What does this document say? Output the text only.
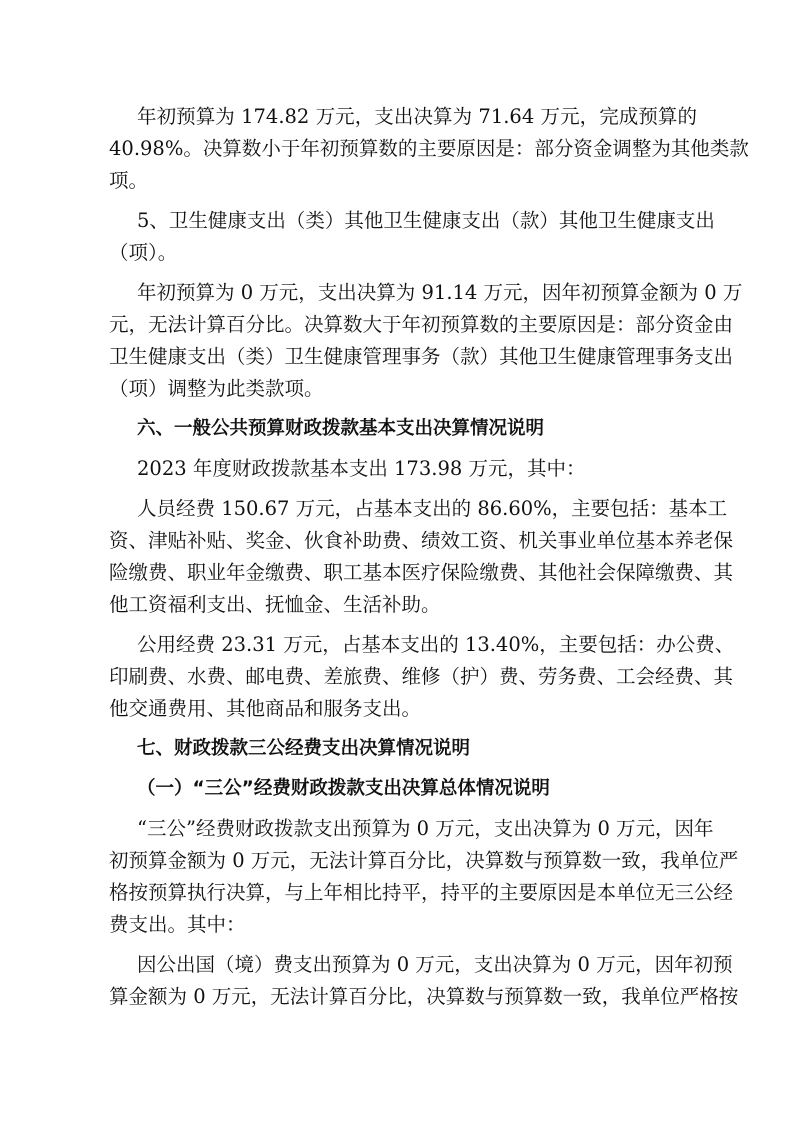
年初预算为 174.82 万元，支出决算为 71.64 万元，完成预算的
40.98%。决算数小于年初预算数的主要原因是：部分资金调整为其他类款
项。
5、卫生健康支出（类）其他卫生健康支出（款）其他卫生健康支出
（项）。
年初预算为 0 万元，支出决算为 91.14 万元，因年初预算金额为 0 万
元，无法计算百分比。决算数大于年初预算数的主要原因是：部分资金由
卫生健康支出（类）卫生健康管理事务（款）其他卫生健康管理事务支出
（项）调整为此类款项。
六、一般公共预算财政拨款基本支出决算情况说明
2023 年度财政拨款基本支出 173.98 万元，其中：
人员经费 150.67 万元，占基本支出的 86.60%，主要包括：基本工
资、津贴补贴、奖金、伙食补助费、绩效工资、机关事业单位基本养老保
险缴费、职业年金缴费、职工基本医疗保险缴费、其他社会保障缴费、其
他工资福利支出、抚恤金、生活补助。
公用经费 23.31 万元，占基本支出的 13.40%，主要包括：办公费、
印刷费、水费、邮电费、差旅费、维修（护）费、劳务费、工会经费、其
他交通费用、其他商品和服务支出。
七、财政拨款三公经费支出决算情况说明
（一）“三公”经费财政拨款支出决算总体情况说明
“三公”经费财政拨款支出预算为 0 万元，支出决算为 0 万元，因年
初预算金额为 0 万元，无法计算百分比，决算数与预算数一致，我单位严
格按预算执行决算，与上年相比持平，持平的主要原因是本单位无三公经
费支出。其中：
因公出国（境）费支出预算为 0 万元，支出决算为 0 万元，因年初预
算金额为 0 万元，无法计算百分比，决算数与预算数一致，我单位严格按
